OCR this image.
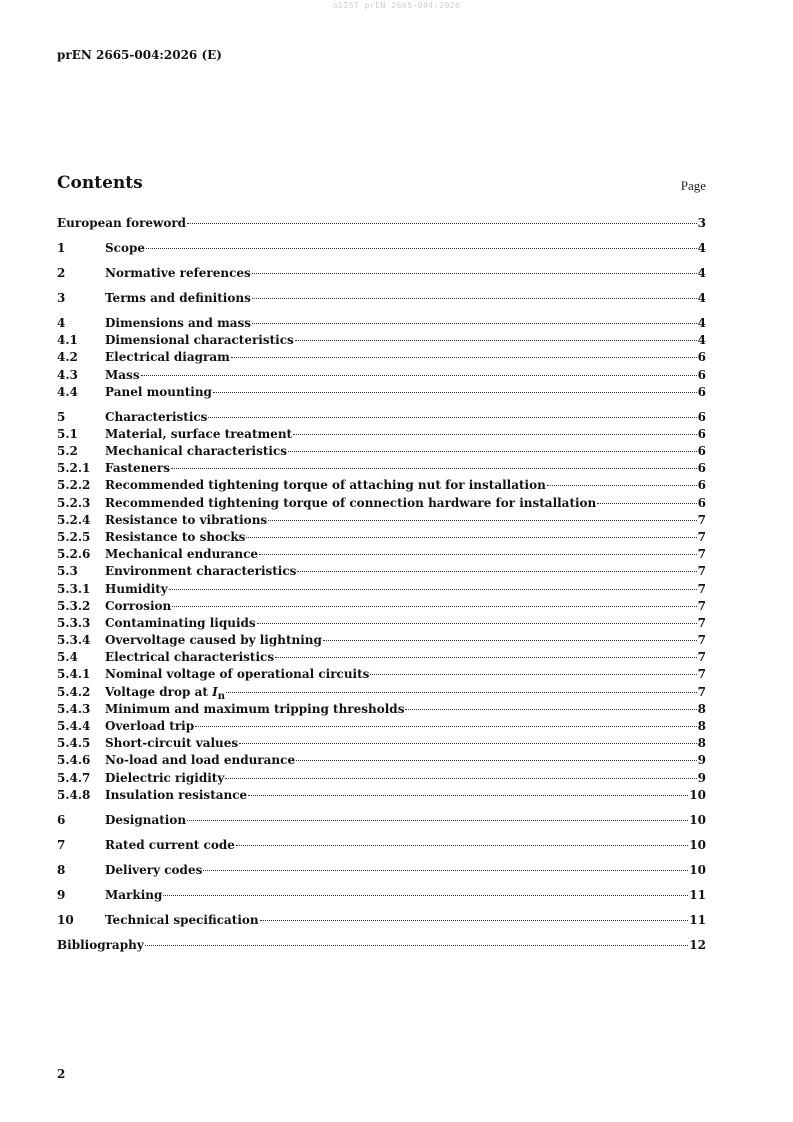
oSIST prEN 2665-004:2026
prEN 2665-004:2026 (E)
Contents	Page
European foreword	3
1	Scope	4
2	Normative references	4
3	Terms and definitions	4
4	Dimensions and mass	4
4.1	Dimensional characteristics	4
4.2	Electrical diagram	6
4.3	Mass	6
4.4	Panel mounting	6
5	Characteristics	6
5.1	Material, surface treatment	6
5.2	Mechanical characteristics	6
5.2.1	Fasteners	6
5.2.2	Recommended tightening torque of attaching nut for installation	6
5.2.3	Recommended tightening torque of connection hardware for installation	6
5.2.4	Resistance to vibrations	7
5.2.5	Resistance to shocks	7
5.2.6	Mechanical endurance	7
5.3	Environment characteristics	7
5.3.1	Humidity	7
5.3.2	Corrosion	7
5.3.3	Contaminating liquids	7
5.3.4	Overvoltage caused by lightning	7
5.4	Electrical characteristics	7
5.4.1	Nominal voltage of operational circuits	7
5.4.2	Voltage drop at $I_n$	7
5.4.3	Minimum and maximum tripping thresholds	8
5.4.4	Overload trip	8
5.4.5	Short-circuit values	8
5.4.6	No-load and load endurance	9
5.4.7	Dielectric rigidity	9
5.4.8	Insulation resistance	10
6	Designation	10
7	Rated current code	10
8	Delivery codes	10
9	Marking	11
10	Technical specification	11
Bibliography	12
2
